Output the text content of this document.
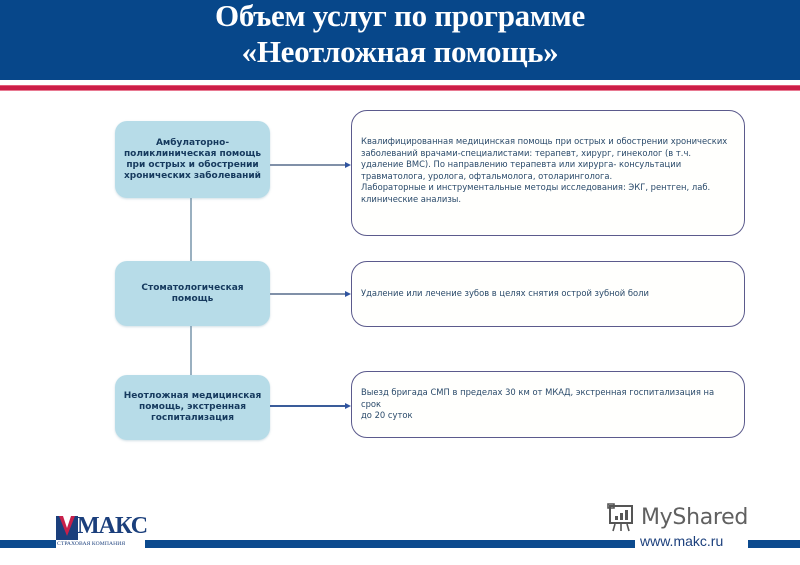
Объем услуг по программе
«Неотложная помощь»
Амбулаторно-поликлиническая помощь при острых и обострении хронических заболеваний
Квалифицированная медицинская помощь при острых и обострении хронических
заболеваний врачами-специалистами: терапевт, хирург, гинеколог (в т.ч.
удаление ВМС). По направлению терапевта или хирурга- консультации
травматолога, уролога, офтальмолога, отоларинголога.
Лабораторные и инструментальные методы исследования: ЭКГ, рентген, лаб.
клинические анализы.
Стоматологическая помощь
Удаление или лечение зубов в целях снятия острой зубной боли
Неотложная медицинская помощь, экстренная госпитализация
Выезд бригада СМП в пределах 30 км от МКАД, экстренная госпитализация на срок
до 20 суток
МАКС
СТРАХОВАЯ КОМПАНИЯ
MyShared
www.makc.ru
